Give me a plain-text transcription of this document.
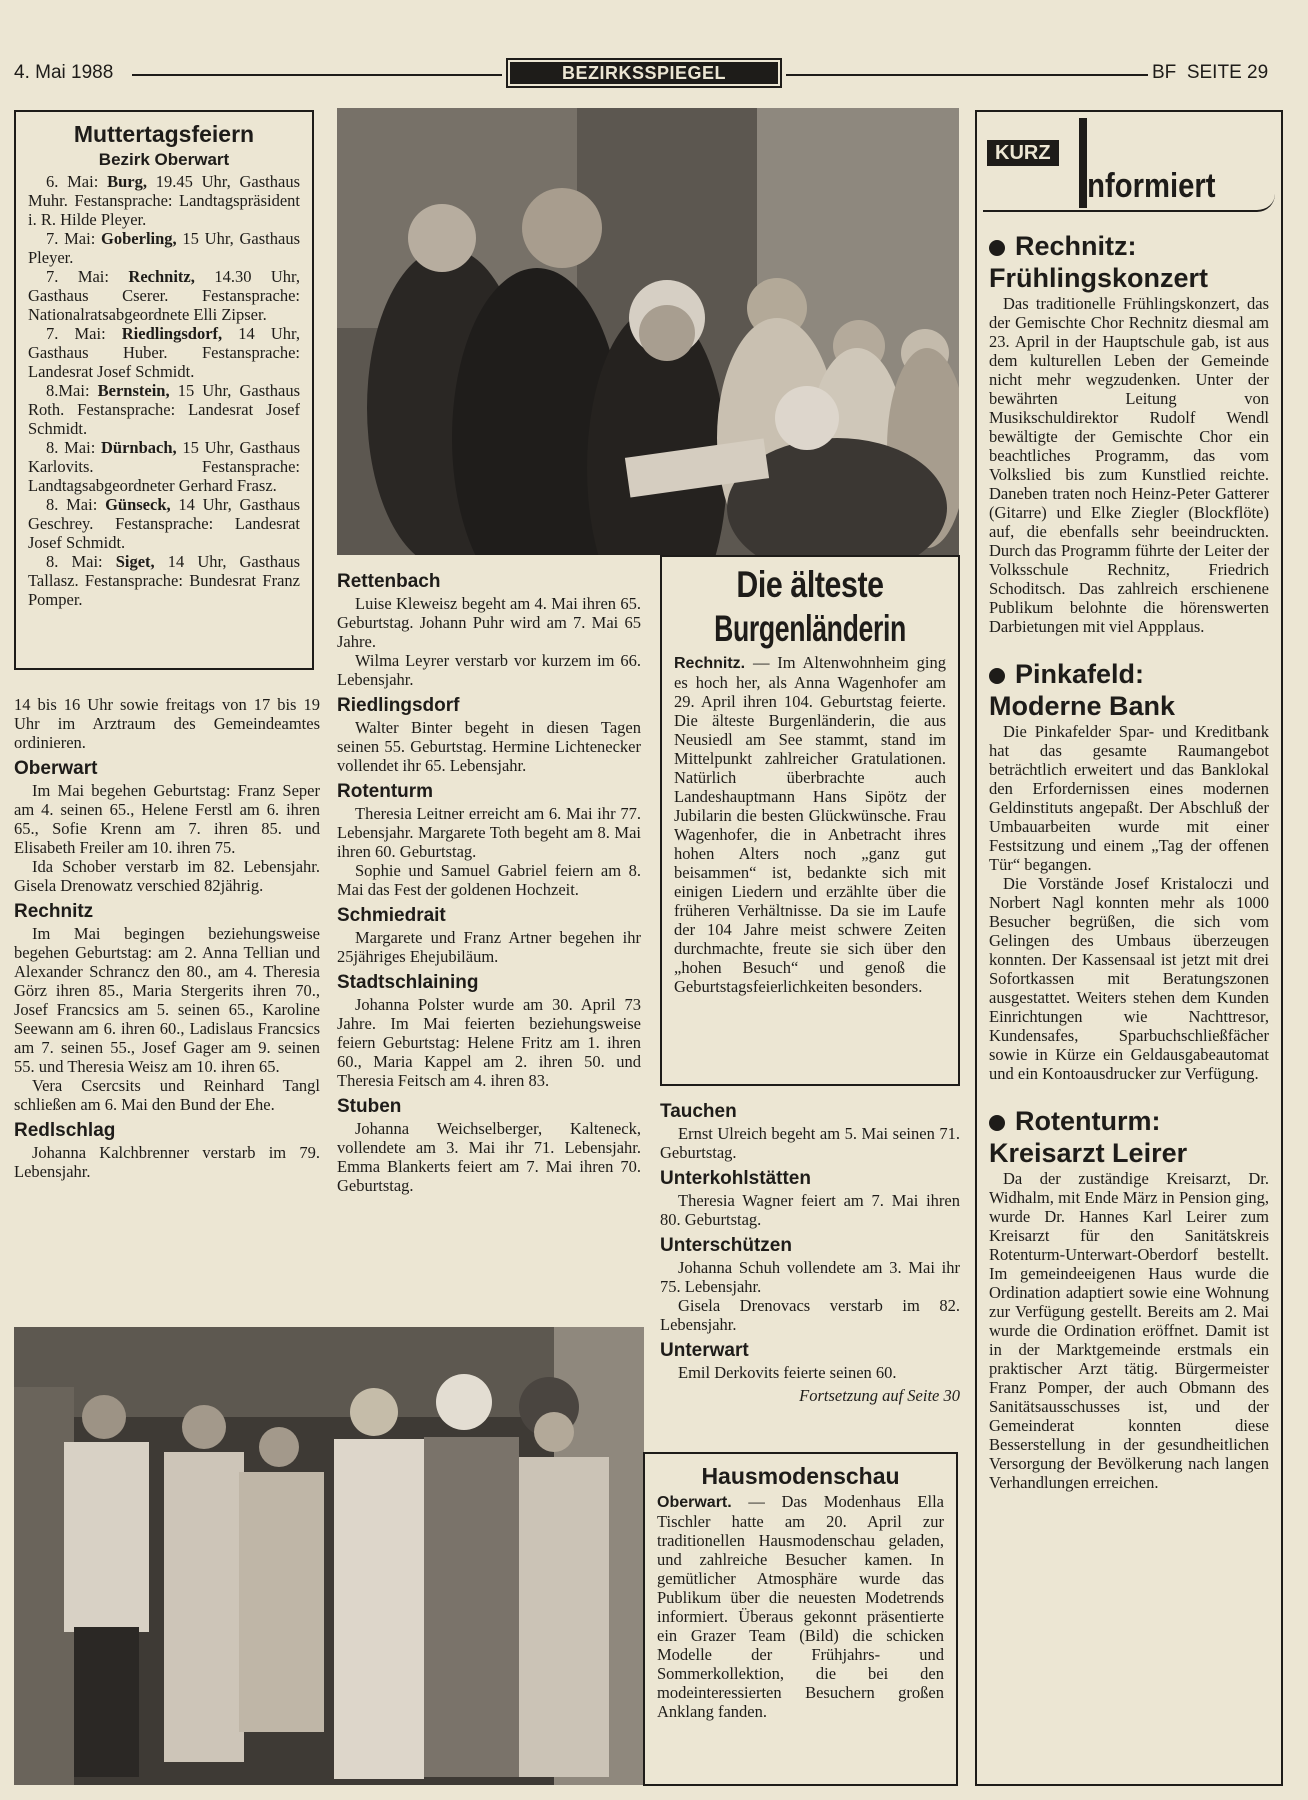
4. Mai 1988	BEZIRKSSPIEGEL	BF  SEITE 29
Muttertagsfeiern
Bezirk Oberwart

6. Mai: Burg, 19.45 Uhr, Gasthaus Muhr. Festansprache: Landtagspräsident i. R. Hilde Pleyer.

7. Mai: Goberling, 15 Uhr, Gasthaus Pleyer.

7. Mai: Rechnitz, 14.30 Uhr, Gasthaus Cserer. Festansprache: Nationalratsabgeordnete Elli Zipser.

7. Mai: Riedlingsdorf, 14 Uhr, Gasthaus Huber. Festansprache: Landesrat Josef Schmidt.

8.Mai: Bernstein, 15 Uhr, Gasthaus Roth. Festansprache: Landesrat Josef Schmidt.

8. Mai: Dürnbach, 15 Uhr, Gasthaus Karlovits. Festansprache: Landtagsabgeordneter Gerhard Frasz.

8. Mai: Günseck, 14 Uhr, Gasthaus Geschrey. Festansprache: Landesrat Josef Schmidt.

8. Mai: Siget, 14 Uhr, Gasthaus Tallasz. Festansprache: Bundesrat Franz Pomper.

14 bis 16 Uhr sowie freitags von 17 bis 19 Uhr im Arztraum des Gemeindeamtes ordinieren.

Oberwart

Im Mai begehen Geburtstag: Franz Seper am 4. seinen 65., Helene Ferstl am 6. ihren 65., Sofie Krenn am 7. ihren 85. und Elisabeth Freiler am 10. ihren 75.

Ida Schober verstarb im 82. Lebensjahr. Gisela Drenowatz verschied 82jährig.

Rechnitz

Im Mai begingen beziehungsweise begehen Geburtstag: am 2. Anna Tellian und Alexander Schrancz den 80., am 4. Theresia Görz ihren 85., Maria Stergerits ihren 70., Josef Francsics am 5. seinen 65., Karoline Seewann am 6. ihren 60., Ladislaus Francsics am 7. seinen 55., Josef Gager am 9. seinen 55. und Theresia Weisz am 10. ihren 65.

Vera Csercsits und Reinhard Tangl schließen am 6. Mai den Bund der Ehe.

Redlschlag

Johanna Kalchbrenner verstarb im 79. Lebensjahr.

Rettenbach

Luise Kleweisz begeht am 4. Mai ihren 65. Geburtstag. Johann Puhr wird am 7. Mai 65 Jahre.

Wilma Leyrer verstarb vor kurzem im 66. Lebensjahr.

Riedlingsdorf

Walter Binter begeht in diesen Tagen seinen 55. Geburtstag. Hermine Lichtenecker vollendet ihr 65. Lebensjahr.

Rotenturm

Theresia Leitner erreicht am 6. Mai ihr 77. Lebensjahr. Margarete Toth begeht am 8. Mai ihren 60. Geburtstag.

Sophie und Samuel Gabriel feiern am 8. Mai das Fest der goldenen Hochzeit.

Schmiedrait

Margarete und Franz Artner begehen ihr 25jähriges Ehejubiläum.

Stadtschlaining

Johanna Polster wurde am 30. April 73 Jahre. Im Mai feierten beziehungsweise feiern Geburtstag: Helene Fritz am 1. ihren 60., Maria Kappel am 2. ihren 50. und Theresia Feitsch am 4. ihren 83.

Stuben

Johanna Weichselberger, Kalteneck, vollendete am 3. Mai ihr 71. Lebensjahr. Emma Blankerts feiert am 7. Mai ihren 70. Geburtstag.

Die älteste
Burgenländerin

Rechnitz. — Im Altenwohnheim ging es hoch her, als Anna Wagenhofer am 29. April ihren 104. Geburtstag feierte. Die älteste Burgenländerin, die aus Neusiedl am See stammt, stand im Mittelpunkt zahlreicher Gratulationen. Natürlich überbrachte auch Landeshauptmann Hans Sipötz der Jubilarin die besten Glückwünsche. Frau Wagenhofer, die in Anbetracht ihres hohen Alters noch „ganz gut beisammen“ ist, bedankte sich mit einigen Liedern und erzählte über die früheren Verhältnisse. Da sie im Laufe der 104 Jahre meist schwere Zeiten durchmachte, freute sie sich über den „hohen Besuch“ und genoß die Geburtstagsfeierlichkeiten besonders.

Tauchen

Ernst Ulreich begeht am 5. Mai seinen 71. Geburtstag.

Unterkohlstätten

Theresia Wagner feiert am 7. Mai ihren 80. Geburtstag.

Unterschützen

Johanna Schuh vollendete am 3. Mai ihr 75. Lebensjahr.

Gisela Drenovacs verstarb im 82. Lebensjahr.

Unterwart

Emil Derkovits feierte seinen 60.

Fortsetzung auf Seite 30
Hausmodenschau

Oberwart. — Das Modenhaus Ella Tischler hatte am 20. April zur traditionellen Hausmodenschau geladen, und zahlreiche Besucher kamen. In gemütlicher Atmosphäre wurde das Publikum über die neuesten Modetrends informiert. Überaus gekonnt präsentierte ein Grazer Team (Bild) die schicken Modelle der Frühjahrs- und Sommerkollektion, die bei den modeinteressierten Besuchern großen Anklang fanden.

KURZ
Informiert
Rechnitz:
Frühlingskonzert

Das traditionelle Frühlingskonzert, das der Gemischte Chor Rechnitz diesmal am 23. April in der Hauptschule gab, ist aus dem kulturellen Leben der Gemeinde nicht mehr wegzudenken. Unter der bewährten Leitung von Musikschuldirektor Rudolf Wendl bewältigte der Gemischte Chor ein beachtliches Programm, das vom Volkslied bis zum Kunstlied reichte. Daneben traten noch Heinz-Peter Gatterer (Gitarre) und Elke Ziegler (Blockflöte) auf, die ebenfalls sehr beeindruckten. Durch das Programm führte der Leiter der Volksschule Rechnitz, Friedrich Schoditsch. Das zahlreich erschienene Publikum belohnte die hörenswerten Darbietungen mit viel Appplaus.

Pinkafeld:
Moderne Bank

Die Pinkafelder Spar- und Kreditbank hat das gesamte Raumangebot beträchtlich erweitert und das Banklokal den Erfordernissen eines modernen Geldinstituts angepaßt. Der Abschluß der Umbauarbeiten wurde mit einer Festsitzung und einem „Tag der offenen Tür“ begangen.

Die Vorstände Josef Kristaloczi und Norbert Nagl konnten mehr als 1000 Besucher begrüßen, die sich vom Gelingen des Umbaus überzeugen konnten. Der Kassensaal ist jetzt mit drei Sofortkassen mit Beratungszonen ausgestattet. Weiters stehen dem Kunden Einrichtungen wie Nachttresor, Kundensafes, Sparbuchschließfächer sowie in Kürze ein Geldausgabeautomat und ein Kontoausdrucker zur Verfügung.

Rotenturm:
Kreisarzt Leirer

Da der zuständige Kreisarzt, Dr. Widhalm, mit Ende März in Pension ging, wurde Dr. Hannes Karl Leirer zum Kreisarzt für den Sanitätskreis Rotenturm-Unterwart-Oberdorf bestellt. Im gemeindeeigenen Haus wurde die Ordination adaptiert sowie eine Wohnung zur Verfügung gestellt. Bereits am 2. Mai wurde die Ordination eröffnet. Damit ist in der Marktgemeinde erstmals ein praktischer Arzt tätig. Bürgermeister Franz Pomper, der auch Obmann des Sanitätsausschusses ist, und der Gemeinderat konnten diese Besserstellung in der gesundheitlichen Versorgung der Bevölkerung nach langen Verhandlungen erreichen.
